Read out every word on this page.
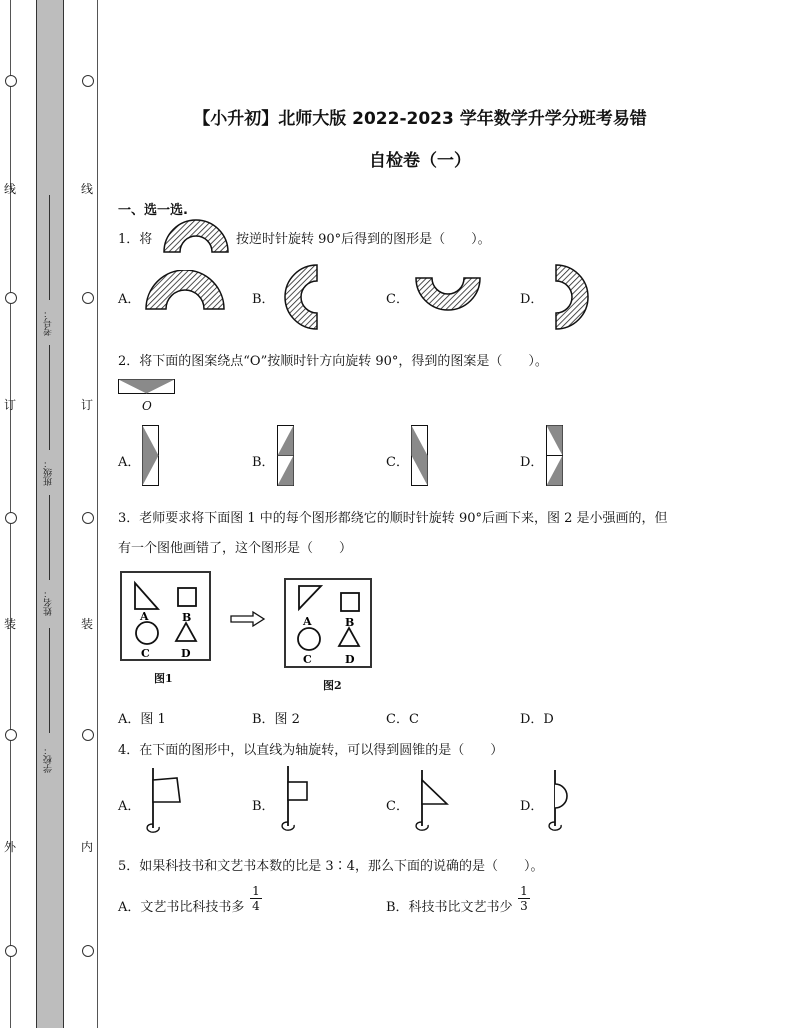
线
订
装
外
线
订
装
内
考号：
班级：
姓名：
学校：
【小升初】北师大版 2022-2023 学年数学升学分班考易错
自检卷（一）
一、选一选.
1．将	按逆时针旋转 90°后得到的图形是（　　）。
A．	B．	C．	D．
2．将下面的图案绕点“O”按顺时针方向旋转 90°，得到的图案是（　　）。
O
A．	B．	C．	D．
3．老师要求将下面图 1 中的每个图形都绕它的顺时针旋转 90°后画下来，图 2 是小强画的，但
有一个图他画错了，这个图形是（　　）
A	B
C	D
图1
A	B
C	D
图2
A．图 1	B．图 2	C．C	D．D
4．在下面的图形中，以直线为轴旋转，可以得到圆锥的是（　　）
A．	B．	C．	D．
5．如果科技书和文艺书本数的比是 3∶4，那么下面的说确的是（　　）。
A．文艺书比科技书多 $\frac{1}{4}$	B．科技书比文艺书少 $\frac{1}{3}$
